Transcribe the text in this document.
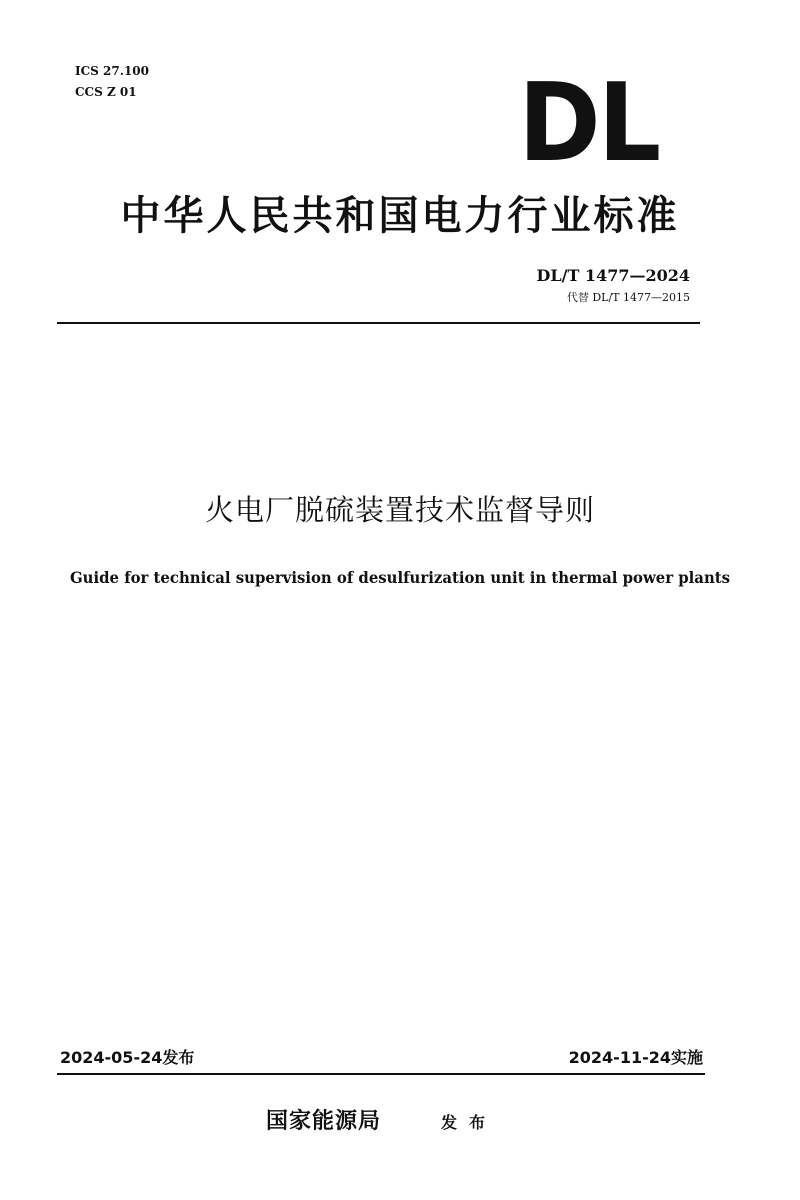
ICS 27.100
CCS Z 01	DL
中华人民共和国电力行业标准
DL/T 1477—2024
代替 DL/T 1477—2015
火电厂脱硫装置技术监督导则
Guide for technical supervision of desulfurization unit in thermal power plants
2024-05-24发布	2024-11-24实施
国家能源局	发布
